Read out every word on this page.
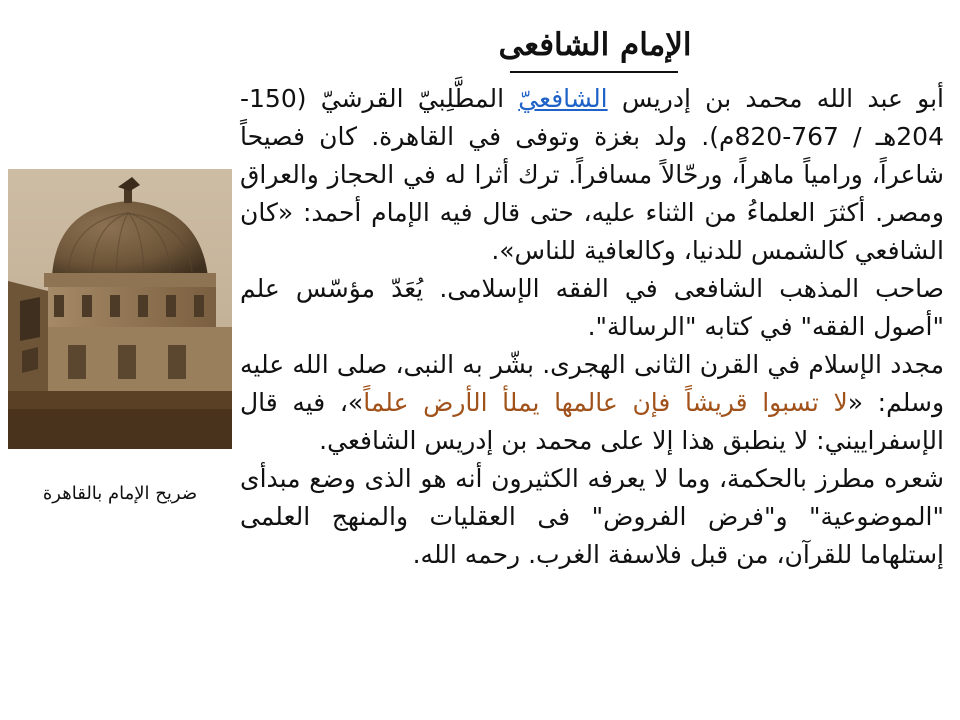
الإمام الشافعى

أبو عبد الله محمد بن إدريس الشافعيّ المطَّلِبيّ القرشيّ (150-204هـ / 767-820م). ولد بغزة وتوفى في القاهرة. كان فصيحاً شاعراً، ورامياً ماهراً، ورحّالاً مسافراً. ترك أثرا له في الحجاز والعراق ومصر. أكثرَ العلماءُ من الثناء عليه، حتى قال فيه الإمام أحمد: «كان الشافعي كالشمس للدنيا، وكالعافية للناس».

صاحب المذهب الشافعى في الفقه الإسلامى. يُعَدّ مؤسّس علم "أصول الفقه" في كتابه "الرسالة".

مجدد الإسلام في القرن الثانى الهجرى. بشّر به النبى، صلى الله عليه وسلم: «لا تسبوا قريشاً فإن عالمها يملأ الأرض علماً»، فيه قال الإسفراييني: لا ينطبق هذا إلا على محمد بن إدريس الشافعي.

شعره مطرز بالحكمة، وما لا يعرفه الكثيرون أنه هو الذى وضع مبدأى "الموضوعية" و"فرض الفروض" فى العقليات والمنهج العلمى إستلهاما للقرآن، من قبل فلاسفة الغرب. رحمه الله.

ضريح الإمام بالقاهرة
